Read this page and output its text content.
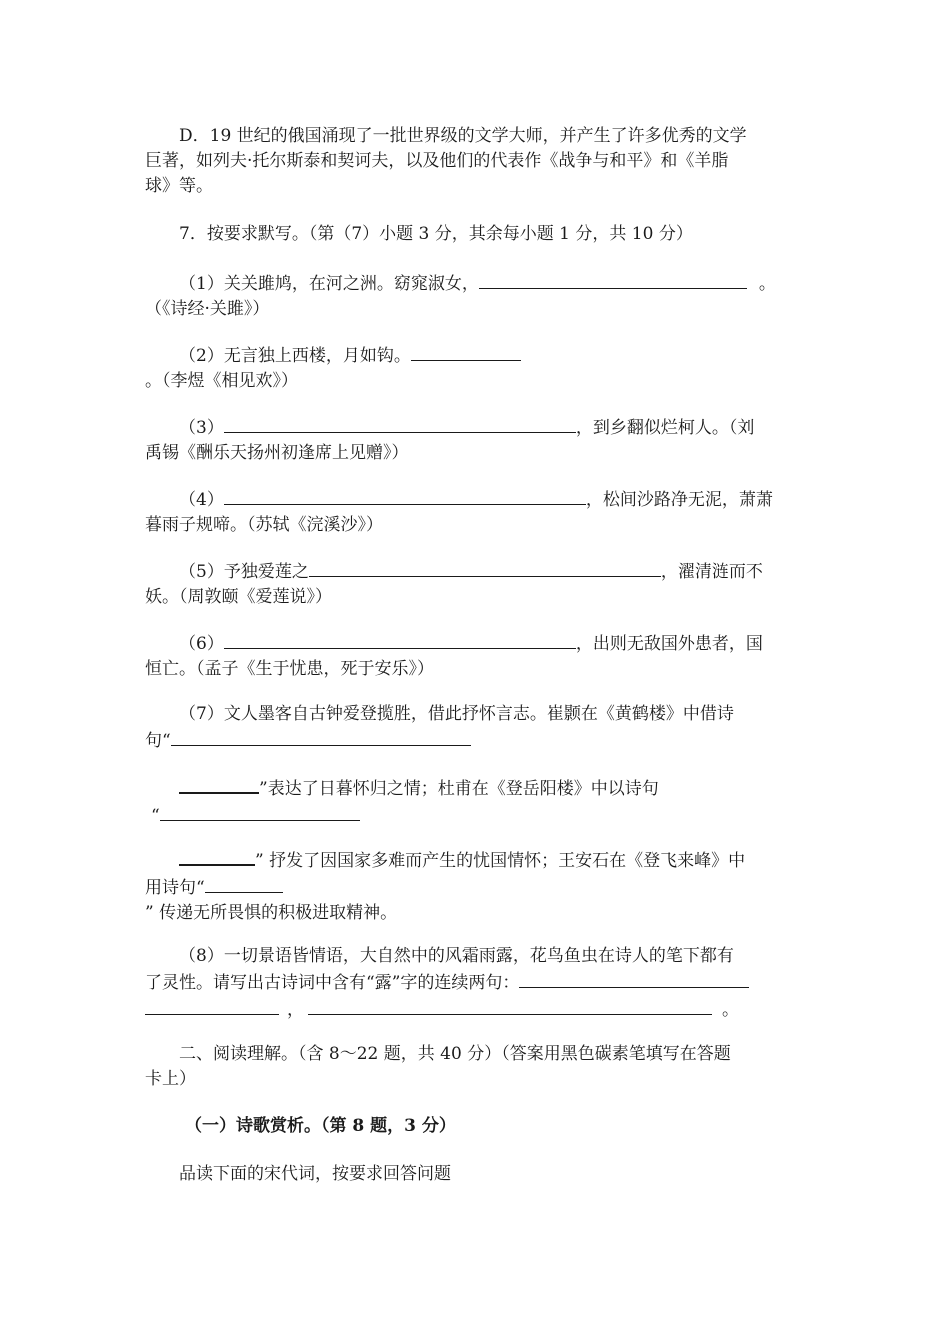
D．19 世纪的俄国涌现了一批世界级的文学大师，并产生了许多优秀的文学
巨著，如列夫·托尔斯泰和契诃夫，以及他们的代表作《战争与和平》和《羊脂
球》等。

7．按要求默写。（第（7）小题 3 分，其余每小题 1 分，共 10 分）

（1）关关雎鸠，在河之洲。窈窕淑女，	。
（《诗经·关雎》）

（2）无言独上西楼，月如钩。
。（李煜《相见欢》）

（3）	，到乡翻似烂柯人。（刘
禹锡《酬乐天扬州初逢席上见赠》）

（4）	，松间沙路净无泥，萧萧
暮雨子规啼。（苏轼《浣溪沙》）

（5）予独爱莲之	，濯清涟而不
妖。（周敦颐《爱莲说》）

（6）	，出则无敌国外患者，国
恒亡。（孟子《生于忧患，死于安乐》）

（7）文人墨客自古钟爱登揽胜，借此抒怀言志。崔颢在《黄鹤楼》中借诗
句“

”表达了日暮怀归之情；杜甫在《登岳阳楼》中以诗句
“

” 抒发了因国家多难而产生的忧国情怀；王安石在《登飞来峰》中
用诗句“
” 传递无所畏惧的积极进取精神。

（8）一切景语皆情语，大自然中的风霜雨露，花鸟鱼虫在诗人的笔下都有
了灵性。请写出古诗词中含有“露”字的连续两句：
，	。

二、阅读理解。（含 8～22 题，共 40 分）（答案用黑色碳素笔填写在答题
卡上）

（一）诗歌赏析。（第 8 题，3 分）

品读下面的宋代词，按要求回答问题
